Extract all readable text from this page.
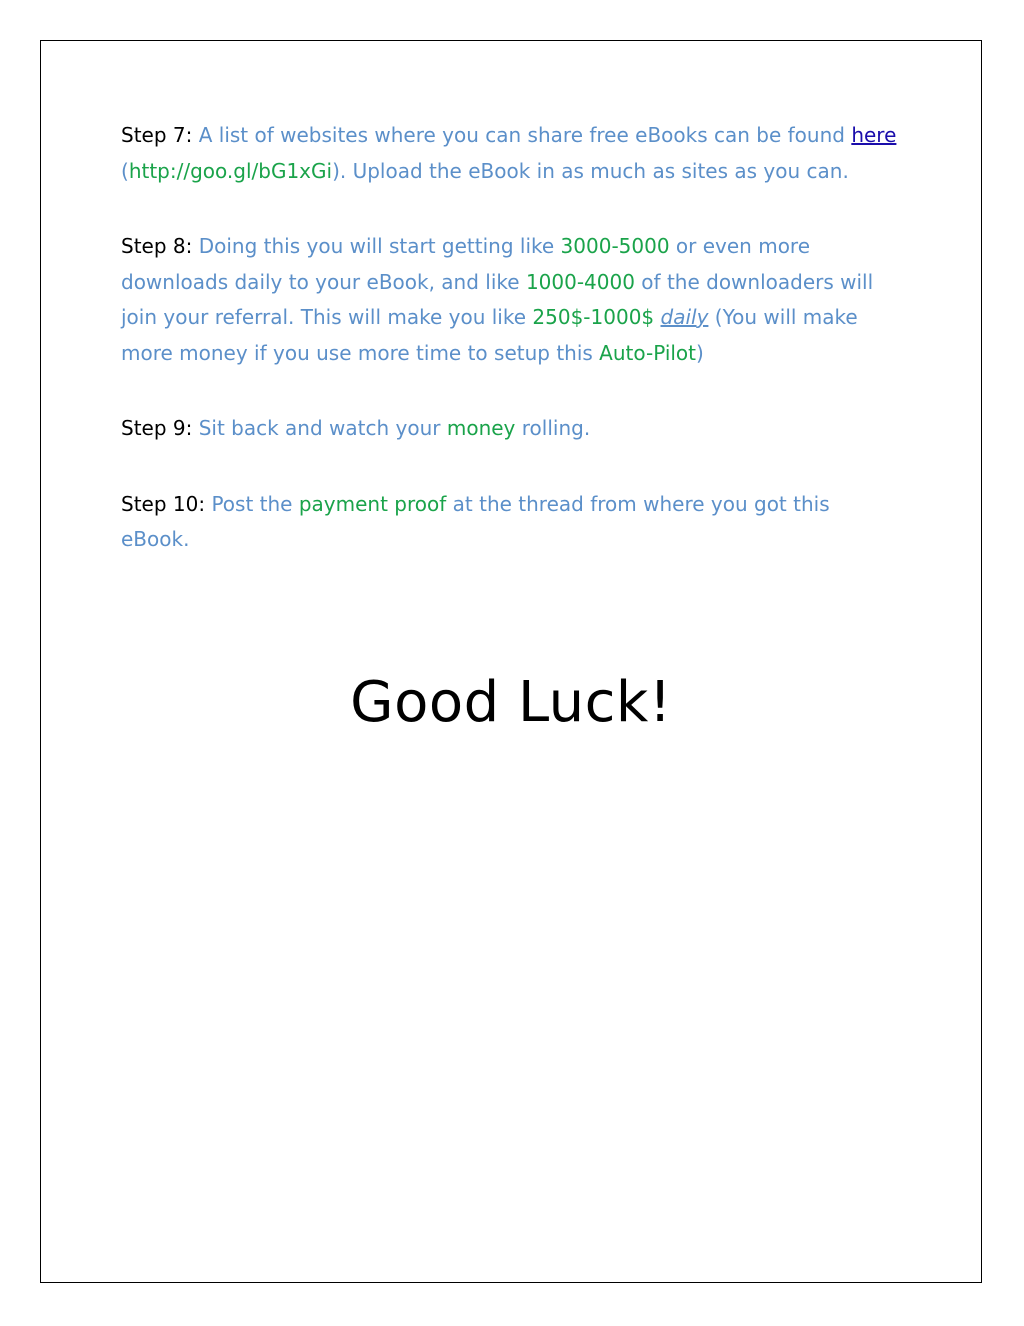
Step 7: A list of websites where you can share free eBooks can be found here (http://goo.gl/bG1xGi). Upload the eBook in as much as sites as you can.

Step 8: Doing this you will start getting like 3000-5000 or even more downloads daily to your eBook, and like 1000-4000 of the downloaders will join your referral. This will make you like 250$-1000$ daily (You will make more money if you use more time to setup this Auto-Pilot)

Step 9: Sit back and watch your money rolling.

Step 10: Post the payment proof at the thread from where you got this eBook.

Good Luck!
